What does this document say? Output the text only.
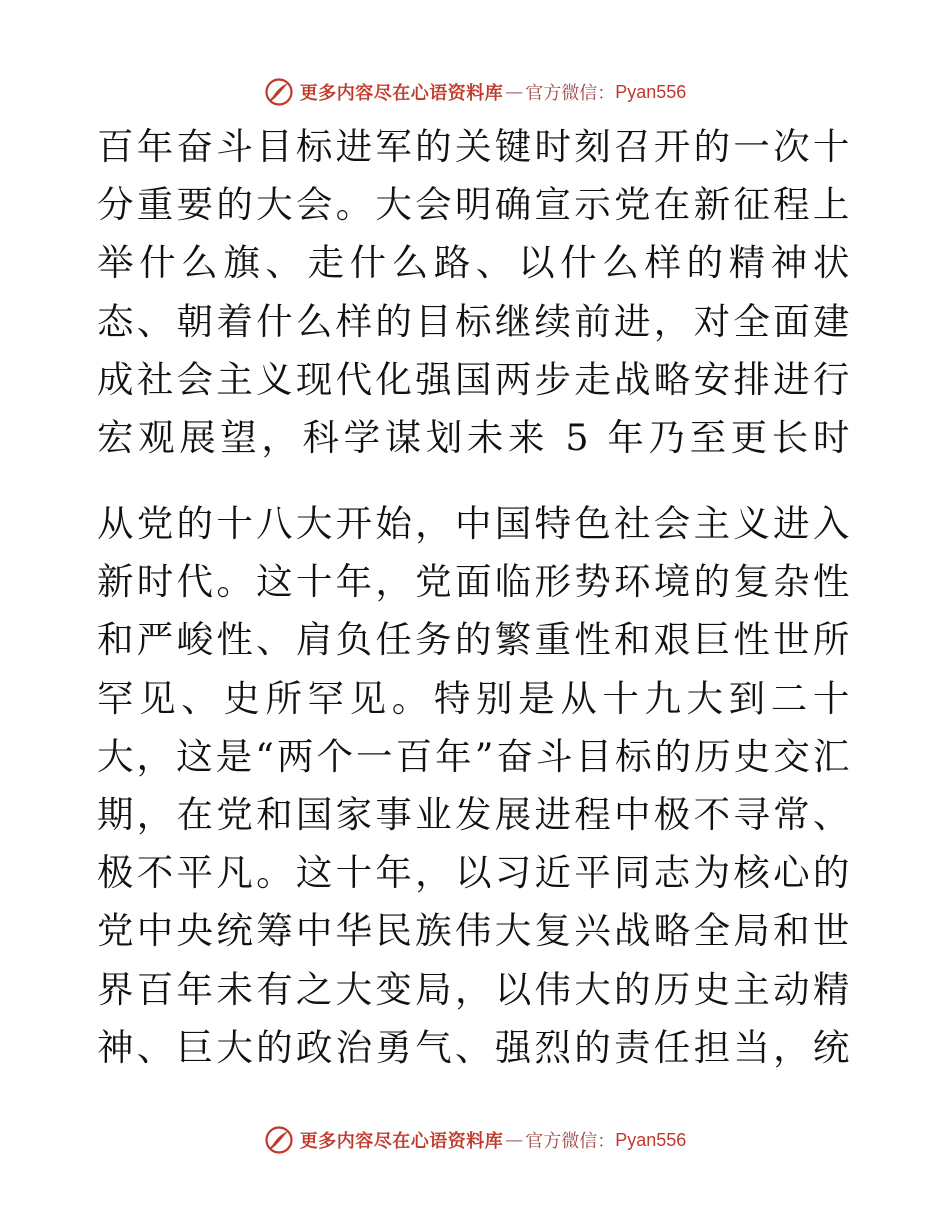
更多内容尽在心语资料库 — 官方微信： Pyan556

百年奋斗目标进军的关键时刻召开的一次十分重要的大会。大会明确宣示党在新征程上举什么旗、走什么路、以什么样的精神状态、朝着什么样的目标继续前进，对全面建成社会主义现代化强国两步走战略安排进行宏观展望，科学谋划未来 5 年乃至更长时

从党的十八大开始，中国特色社会主义进入新时代。这十年，党面临形势环境的复杂性和严峻性、肩负任务的繁重性和艰巨性世所罕见、史所罕见。特别是从十九大到二十大，这是“两个一百年”奋斗目标的历史交汇期，在党和国家事业发展进程中极不寻常、极不平凡。这十年，以习近平同志为核心的党中央统筹中华民族伟大复兴战略全局和世界百年未有之大变局，以伟大的历史主动精神、巨大的政治勇气、强烈的责任担当，统

更多内容尽在心语资料库 — 官方微信： Pyan556
